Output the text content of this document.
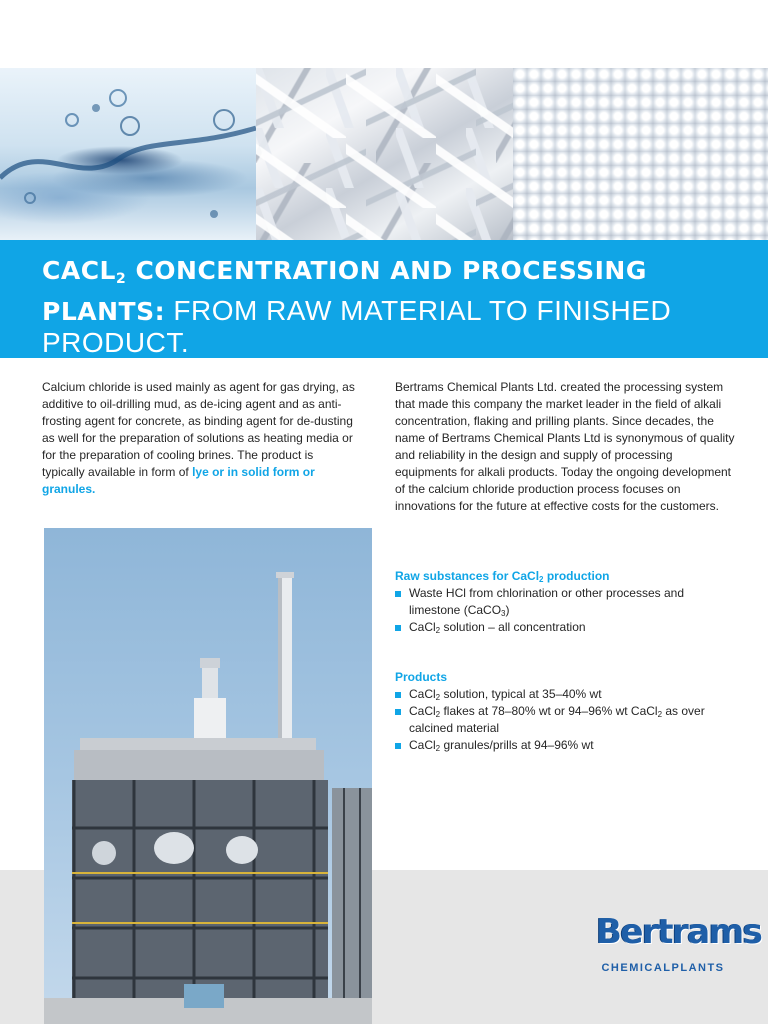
CACL2 CONCENTRATION AND PROCESSING PLANTS: FROM RAW MATERIAL TO FINISHED PRODUCT.

Calcium chloride is used mainly as agent for gas drying, as additive to oil-drilling mud, as de-icing agent and as anti-frosting agent for concrete, as binding agent for de-dusting as well for the preparation of solutions as heating media or for the preparation of cooling brines. The product is typically available in form of lye or in solid form or granules.

Bertrams Chemical Plants Ltd. created the processing system that made this company the market leader in the field of alkali concentration, flaking and prilling plants. Since decades, the name of Bertrams Chemical Plants Ltd is synonymous of quality and reliability in the design and supply of processing equipments for alkali products. Today the ongoing development of the calcium chloride production process focuses on innovations for the future at effective costs for the customers.

Raw substances for CaCl$_2$ production

Waste HCl from chlorination or other processes and limestone (CaCO$_3$)
CaCl$_2$ solution – all concentration

Products

CaCl$_2$ solution, typical at 35–40% wt
CaCl$_2$ flakes at 78–80% wt or 94–96% wt CaCl$_2$ as over calcined material
CaCl$_2$ granules/prills at 94–96% wt
Bertrams
CHEMICALPLANTS
